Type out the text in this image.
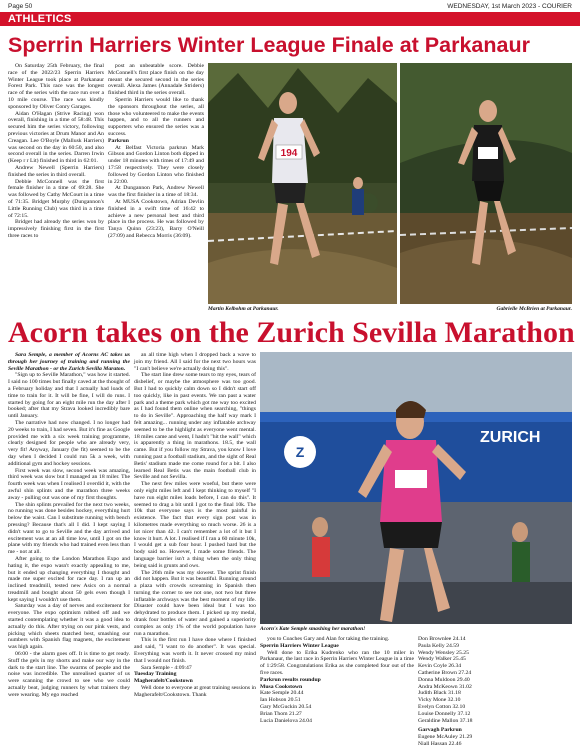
Page 50	WEDNESDAY, 1st March 2023 - COURIER
ATHLETICS
Sperrin Harriers Winter League Finale at Parkanaur

On Saturday 25th February, the final race of the 2022/23 Sperrin Harriers Winter League took place at Parkanaur Forest Park. This race was the longest race of the series with the race run over a 10 mile course. The race was kindly sponsored by Oliver Conry Garages.

Aidan O'Hagan (Strive Racing) won overall, finishing in a time of 58:48. This secured him the series victory, following previous victories at Drum Manor and An Creagan. Lee O'Boyle (Mallusk Harriers) was second on the day in 60:50, and also second overall in the series. Darren Irwin (Keep r r Lit) finished in third in 62:01.

Andrew Newell (Sperrin Harriers) finished the series in third overall.

Debbie McConnell was the first female finisher in a time of 69:28. She was followed by Cathy McCourt in a time of 71:35. Bridget Murphy (Dungannon's Little Running Club) was third in a time of 72:15.

Bridget had already the series won by impressively finishing first in the first three races to

post an unbeatable score. Debbie McConnell's first place finish on the day meant she secured second in the series overall. Alexa James (Annadale Striders) finished third in the series overall.

Sperrin Harriers would like to thank the sponsors throughout the series, all those who volunteered to make the events happen, and to all the runners and supporters who ensured the series was a success.

Parkrun

At Belfast Victoria parkrun Mark Gibson and Gordon Linton both dipped in under 18 minutes with times of 17:49 and 17:58 respectively. They were closely followed by Gordon Linton who finished in 22:00.

At Dungannon Park, Andrew Newell was the first finisher in a time of 18:34.

At MUSA Cookstown, Adrian Devlin finished in a swift time of 16:42 to achieve a new personal best and third place in the process. He was followed by Tanya Quinn (23:23), Barry O'Neill (27:09) and Rebecca Morris (36:09).

194
Martin Kelbohm at Parkanaur.	Gabrielle McBrien at Parkanaur.
Acorn takes on the Zurich Sevilla Marathon

Sara Semple, a member of Acorns AC takes us through her journey of training and running the Seville Marathon - or the Zurich Sevilla Maraton.

"Sign up to Seville Marathon," was how it started. I said no 100 times but finally caved at the thought of a February holiday and that I actually had loads of time to train for it. It will be fine, I will do runs. I started by going for an eight mile run the day after I booked; after that my Strava looked incredibly bare until January.

The narrative had now changed. I no longer had 20 weeks to train, I had seven. But it's fine as Google provided me with a six week training programme, clearly designed for people who are already very, very fit! Anyway, January (be fit) seemed to be the day when I decided I could run 5k a week, with additional gym and hockey sessions.

First week was slow, second week was amazing, third week was slow but I managed an 18 miler. The fourth week was when I realised I overdid it, with the awful shin splints and the marathon three weeks away - pulling out was one of my first thoughts.

The shin splints prevailed for the next two weeks, no running was done besides hockey, everything hurt below the waist. Can I substitute running with bench pressing? Because that's all I did. I kept saying I didn't want to go to Seville and the day arrived and excitement was at an all time low, until I got on the plane with my friends who had trained even less than me - not at all.

After going to the London Marathon Expo and hating it, the expo wasn't exactly appealing to me, but it ended up changing everything I thought and made me super excited for race day. I ran up an inclined treadmill, tested new Asics on a normal treadmill and bought about 50 gels even though I kept saying I wouldn't use them.

Saturday was a day of nerves and excitement for everyone. The expo optimism rubbed off and we started contemplating whether it was a good idea to actually do this. After trying on our pink vests, and picking which sheets matched best, smashing our numbers with Spanish flag magnets, the excitement was high again.

06:00 - the alarm goes off. It is time to get ready. Stuff the gels in my shorts and make our way in the dark to the start line. The swarms of people and the noise was incredible. The unrealised quarter of us were scanning the crowd to see who we could actually beat, judging runners by what trainers they were wearing. My ego reached

an all time high when I dropped back a wave to join my friend. All I said for the next two hours was "I can't believe we're actually doing this".

The start line drew some tears to my eyes, tears of disbelief, or maybe the atmosphere was too good. But I had to quickly calm down so I didn't start off too quickly, like in past events. We ran past a water park and a theme park which got me way too excited as I had found them online when searching, "things to do in Seville". Approaching the half way mark I felt amazing... running under any inflatable archway seemed to be the highlight as everyone went mental. 18 miles came and went, I hadn't "hit the wall" which is apparently a thing in marathons. 18.5, the wall came. But if you follow my Strava, you know I love running past a football stadium, and the sight of Real Betis' stadium made me come round for a bit. I also learned Real Betis was the main football club in Seville and not Sevilla.

The next few miles were woeful, but there were only eight miles left and I kept thinking to myself "I have run eight miles loads before, I can do this". It seemed to drag a bit until I got to the final 10k. The 10k that everyone says is the most painful in existence. The fact that every sign post was in kilometres made everything so much worse. 26 is a lot nicer than 42. I can't remember a lot of it but I know it hurt. A lot. I realised if I ran a 60 minute 10k, I would get a sub four hour. I pushed hard but the body said no. However, I made some friends. The language barrier isn't a thing when the only thing being said is grunts and ows.

The 26th mile was my slowest. The sprint finish did not happen. But it was beautiful. Running around a plaza with crowds screaming in Spanish then turning the corner to see not one, not two but three inflatable archways was the best moment of my life. Disaster could have been ideal but I was too dehydrated to produce them. I picked up my medal, drank four bottles of water and gained a superiority complex as only 1% of the world population have run a marathon.

This is the first run I have done where I finished and said, "I want to do another". It was special. Everything was worth it. It never crossed my mind that I would not finish.

Sara Semple - 4:09:47

Tuesday Training

Magherafelt/Cookstown

Well done to everyone at great training sessions in Magherafelt/Cookstown. Thank

Z
ZURICH
Acorn's Kate Semple smashing her marathon!

you to Coaches Gary and Alan for taking the training.

Sperrin Harriers Winter League

Well done to Erika Kudrenko who ran the 10 miler in Parkanaur, the last race in Sperrin Harriers Winter League in a time of 1:29:58. Congratulations Erika as she completed four out of the five races.

Parkrun results roundup

Musa Cookstown

Kate Semple 20.44
Ian Hobson 20.51
Gary McGuckin 20.54
Brian Thom 21.27
Lucia Danielova 24.04
Don Brownlee 24.14
Paula Kelly 24.59
Wendy Wensley 25.25
Wendy Walker 25.45
Kevin Coyle 26.34
Catherine Brown 27.24
Donna Muldoon 29.40
Andra McKeown 31.02
Judith Black 31.18
Vicky Mone 32.10
Evelyn Cotton 32.10
Louise Donnelly 37.12
Geraldine Mallon 37.18

Garvagh Parkrun

Eugene McAuley 21.29
Niall Hassan 22.46
